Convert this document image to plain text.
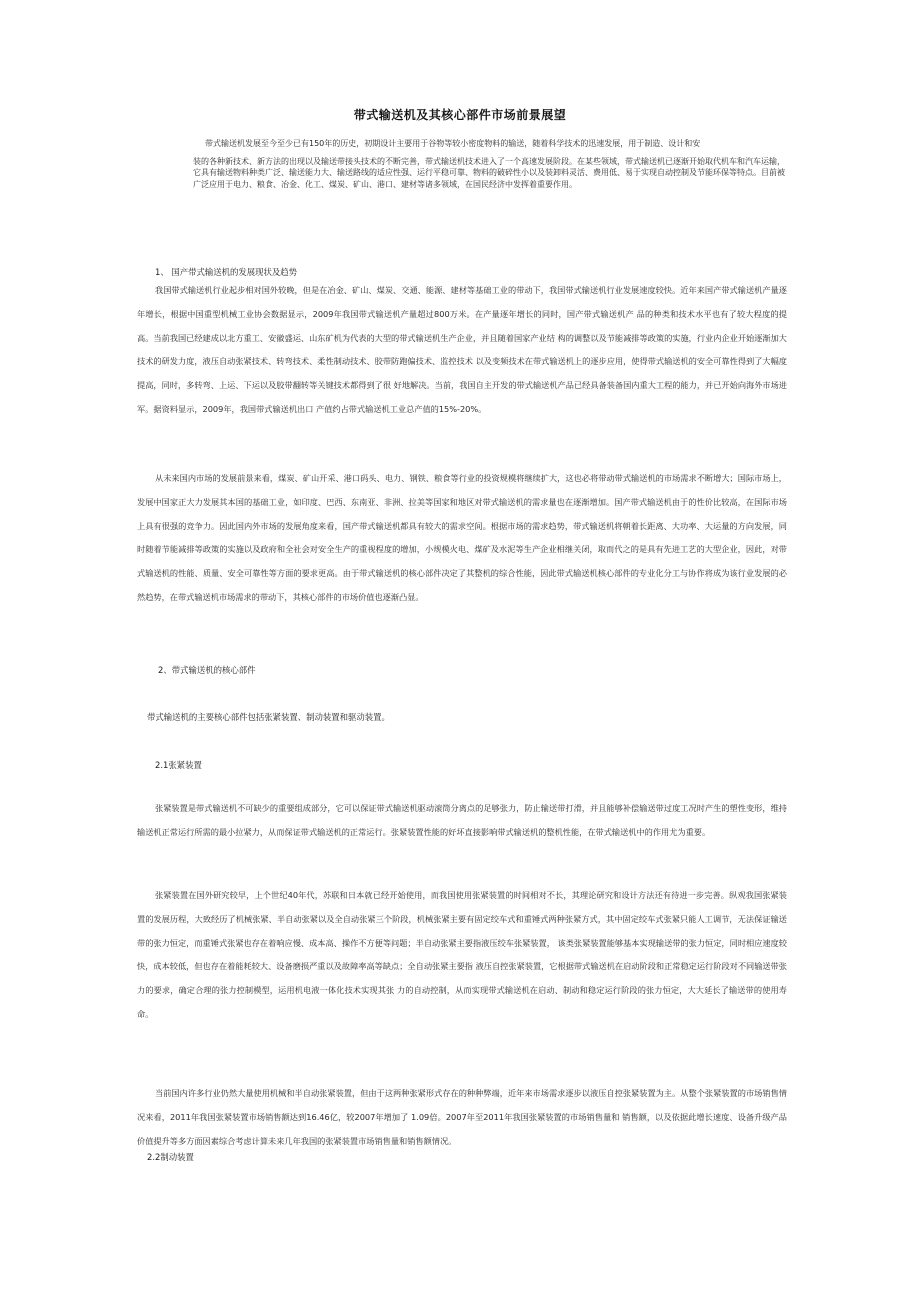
带式输送机及其核心部件市场前景展望
带式输送机发展至今至少已有150年的历史，初期设计主要用于谷物等较小密度物料的输送，随着科学技术的迅速发展，用于制造、设计和安
装的各种新技术、新方法的出现以及输送带接头技术的不断完善，带式输送机技术进入了一个高速发展阶段。在某些领域，带式输送机已逐渐开始取代机车和汽车运输，它具有输送物料种类广泛、输送能力大、输送路线的适应性强、运行平稳可靠、物料的破碎性小以及装卸料灵活、费用低、易于实现自动控制及节能环保等特点。目前被广泛应用于电力、粮食、冶金、化工、煤炭、矿山、港口、建材等诸多领域，在国民经济中发挥着重要作用。
1、 国产带式输送机的发展现状及趋势
我国带式输送机行业起步相对国外较晚，但是在冶金、矿山、煤炭、交通、能源、建材等基础工业的带动下，我国带式输送机行业发展速度较快。近年来国产带式输送机产量逐年增长，根据中国重型机械工业协会数据显示，2009年我国带式输送机产量超过800万米。在产量逐年增长的同时，国产带式输送机产 品的种类和技术水平也有了较大程度的提高。当前我国已经建成以北方重工、安徽盛运、山东矿机为代表的大型的带式输送机生产企业，并且随着国家产业结 构的调整以及节能减排等政策的实施，行业内企业开始逐渐加大技术的研发力度，液压自动张紧技术、转弯技术、柔性制动技术、胶带防跑偏技术、监控技术 以及变频技术在带式输送机上的逐步应用，使得带式输送机的安全可靠性得到了大幅度提高，同时，多转弯、上运、下运以及胶带翻转等关键技术都得到了很 好地解决。当前，我国自主开发的带式输送机产品已经具备装备国内重大工程的能力，并已开始向海外市场进军。据资料显示，2009年，我国带式输送机出口 产值约占带式输送机工业总产值的15%-20%。
从未来国内市场的发展前景来看，煤炭、矿山开采、港口码头、电力、钢铁、粮食等行业的投资规模将继续扩大，这也必将带动带式输送机的市场需求不断增大；国际市场上，发展中国家正大力发展其本国的基础工业，如印度、巴西、东南亚、非洲、拉美等国家和地区对带式输送机的需求量也在逐渐增加。国产带式输送机由于的性价比较高，在国际市场上具有很强的竞争力。因此国内外市场的发展角度来看，国产带式输送机都具有较大的需求空间。根据市场的需求趋势，带式输送机将朝着长距离、大功率、大运量的方向发展，同时随着节能减排等政策的实施以及政府和全社会对安全生产的重视程度的增加，小规模火电、煤矿及水泥等生产企业相继关闭，取而代之的是具有先进工艺的大型企业，因此，对带式输送机的性能、质量、安全可靠性等方面的要求更高。由于带式输送机的核心部件决定了其整机的综合性能，因此带式输送机核心部件的专业化分工与协作将成为该行业发展的必然趋势，在带式输送机市场需求的带动下，其核心部件的市场价值也逐渐凸显。
2、带式输送机的核心部件
带式输送机的主要核心部件包括张紧装置、制动装置和驱动装置。
2.1张紧装置
张紧装置是带式输送机不可缺少的重要组成部分，它可以保证带式输送机驱动滚筒分离点的足够张力，防止输送带打滑，并且能够补偿输送带过度工况时产生的塑性变形，维持输送机正常运行所需的最小拉紧力，从而保证带式输送机的正常运行。张紧装置性能的好坏直接影响带式输送机的整机性能，在带式输送机中的作用尤为重要。
张紧装置在国外研究较早，上个世纪40年代，苏联和日本就已经开始使用，而我国使用张紧装置的时间相对不长，其理论研究和设计方法还有待进一步完善。纵观我国张紧装置的发展历程，大致经历了机械张紧、半自动张紧以及全自动张紧三个阶段，机械张紧主要有固定绞车式和重锤式两种张紧方式，其中固定绞车式张紧只能人工调节，无法保证输送带的张力恒定，而重锤式张紧也存在着响应慢、成本高、操作不方便等问题；半自动张紧主要指液压绞车张紧装置， 该类张紧装置能够基本实现输送带的张力恒定，同时相应速度较快，成本较低，但也存在着能耗较大、设备磨损严重以及故障率高等缺点；全自动张紧主要指 液压自控张紧装置，它根据带式输送机在启动阶段和正常稳定运行阶段对不同输送带张力的要求，确定合理的张力控制模型，运用机电液一体化技术实现其张 力的自动控制，从而实现带式输送机在启动、制动和稳定运行阶段的张力恒定，大大延长了输送带的使用寿命。
当前国内许多行业仍然大量使用机械和半自动张紧装置，但由于这两种张紧形式存在的种种弊端，近年来市场需求逐步以液压自控张紧装置为主。从整个张紧装置的市场销售情况来看，2011年我国张紧装置市场销售额达到16.46亿，较2007年增加了 1.09倍。2007年至2011年我国张紧装置的市场销售量和 销售额，以及依据此增长速度、设备升级产品价值提升等多方面因素综合考虑计算未来几年我国的张紧装置市场销售量和销售额情况。
2.2制动装置
